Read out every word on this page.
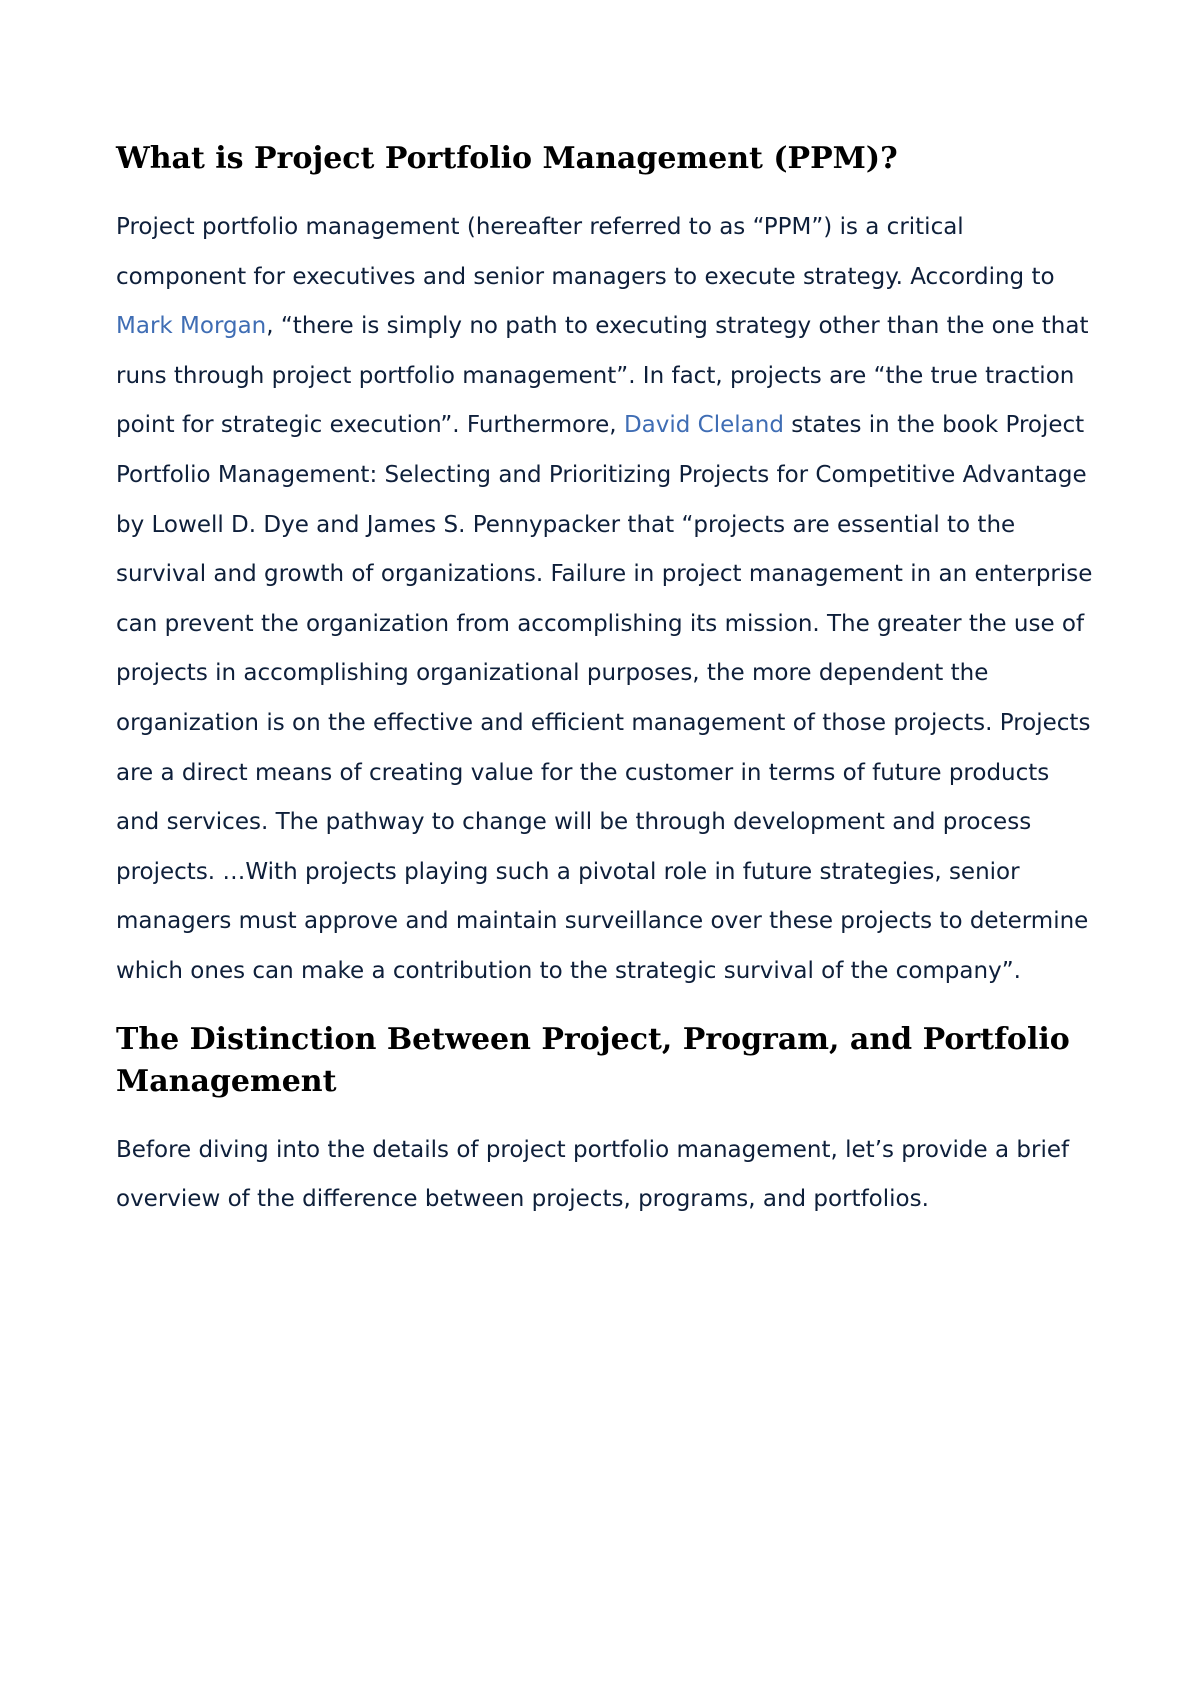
What is Project Portfolio Management (PPM)?

Project portfolio management (hereafter referred to as “PPM”) is a critical component for executives and senior managers to execute strategy. According to Mark Morgan, “there is simply no path to executing strategy other than the one that runs through project portfolio management”. In fact, projects are “the true traction point for strategic execution”. Furthermore, David Cleland states in the book Project Portfolio Management: Selecting and Prioritizing Projects for Competitive Advantage by Lowell D. Dye and James S. Pennypacker that “projects are essential to the survival and growth of organizations. Failure in project management in an enterprise can prevent the organization from accomplishing its mission. The greater the use of projects in accomplishing organizational purposes, the more dependent the organization is on the effective and efficient management of those projects. Projects are a direct means of creating value for the customer in terms of future products and services. The pathway to change will be through development and process projects. …With projects playing such a pivotal role in future strategies, senior managers must approve and maintain surveillance over these projects to determine which ones can make a contribution to the strategic survival of the company”.

The Distinction Between Project, Program, and Portfolio Management

Before diving into the details of project portfolio management, let’s provide a brief overview of the difference between projects, programs, and portfolios.
